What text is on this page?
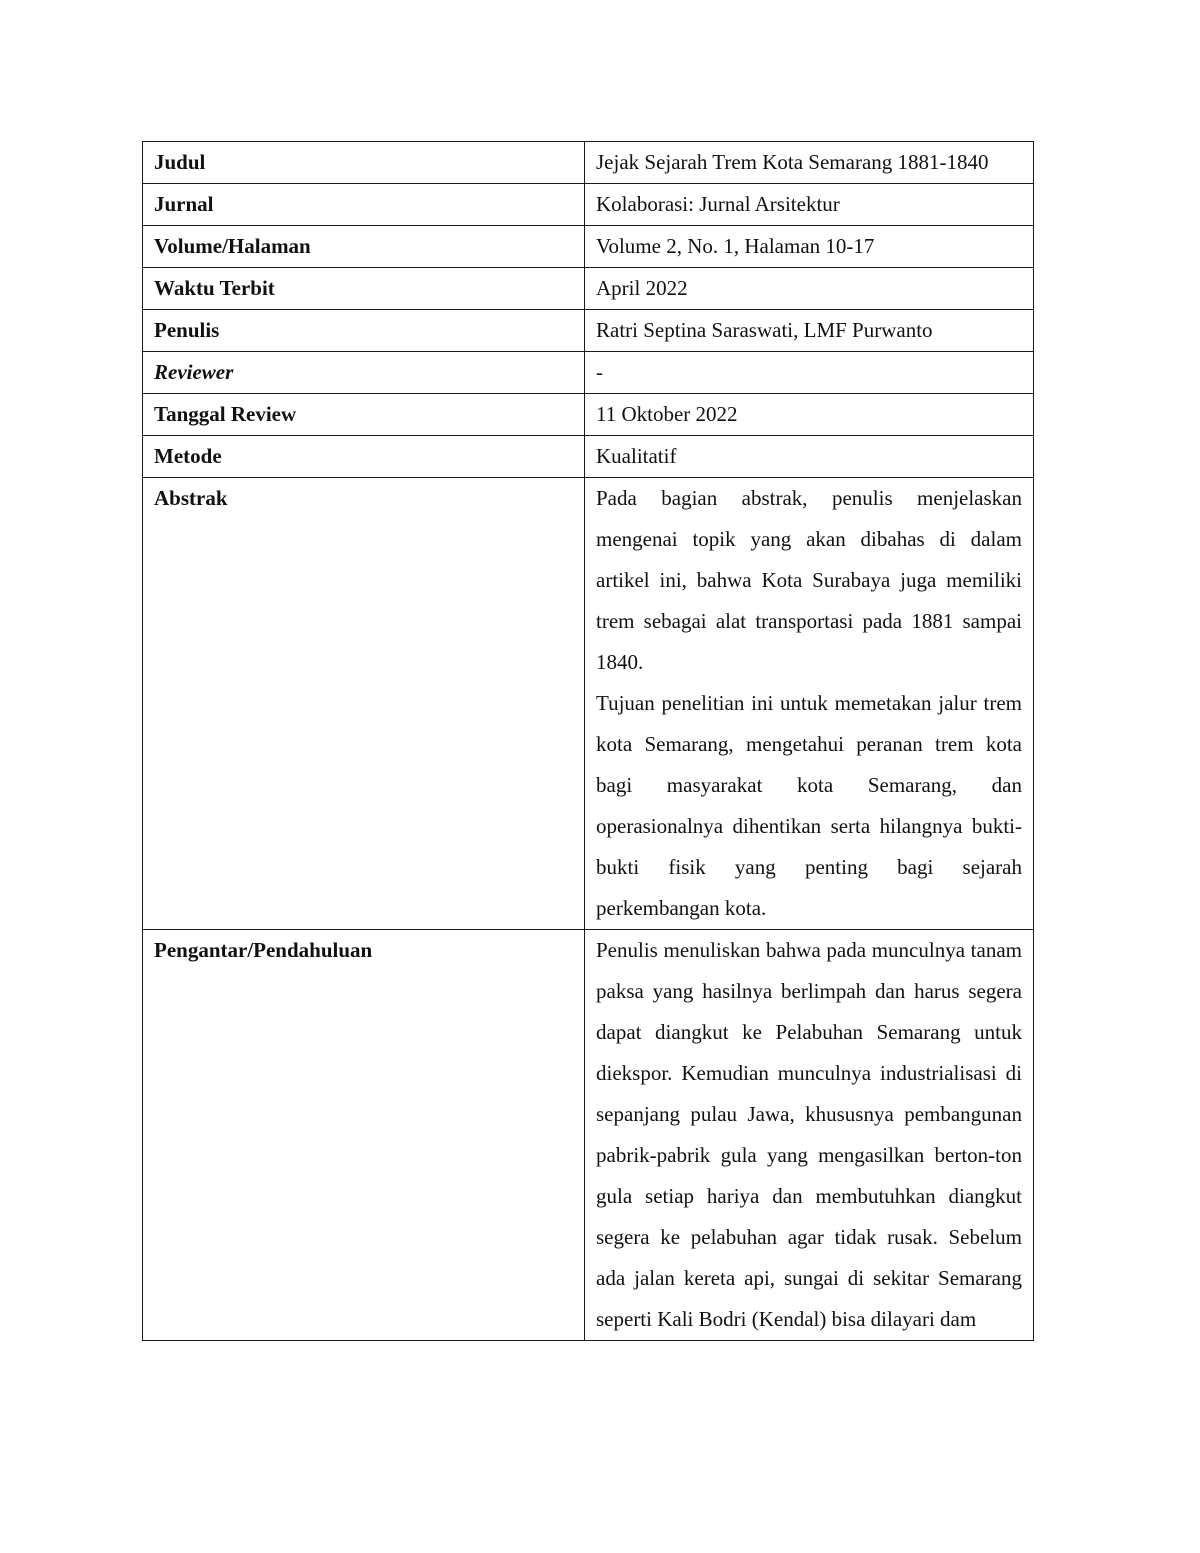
Judul	Jejak Sejarah Trem Kota Semarang 1881-1840
Jurnal	Kolaborasi: Jurnal Arsitektur
Volume/Halaman	Volume 2, No. 1, Halaman 10-17
Waktu Terbit	April 2022
Penulis	Ratri Septina Saraswati, LMF Purwanto
Reviewer	-
Tanggal Review	11 Oktober 2022
Metode	Kualitatif
Abstrak	Pada bagian abstrak, penulis menjelaskan mengenai topik yang akan dibahas di dalam artikel ini, bahwa Kota Surabaya juga memiliki trem sebagai alat transportasi pada 1881 sampai 1840.
Tujuan penelitian ini untuk memetakan jalur trem kota Semarang, mengetahui peranan trem kota bagi masyarakat kota Semarang, dan operasionalnya dihentikan serta hilangnya bukti-bukti fisik yang penting bagi sejarah perkembangan kota.

Pengantar/Pendahuluan	Penulis menuliskan bahwa pada munculnya tanam paksa yang hasilnya berlimpah dan harus segera dapat diangkut ke Pelabuhan Semarang untuk diekspor. Kemudian munculnya industrialisasi di sepanjang pulau Jawa, khususnya pembangunan pabrik-pabrik gula yang mengasilkan berton-ton gula setiap hariya dan membutuhkan diangkut segera ke pelabuhan agar tidak rusak. Sebelum ada jalan kereta api, sungai di sekitar Semarang seperti Kali Bodri (Kendal) bisa dilayari dam
